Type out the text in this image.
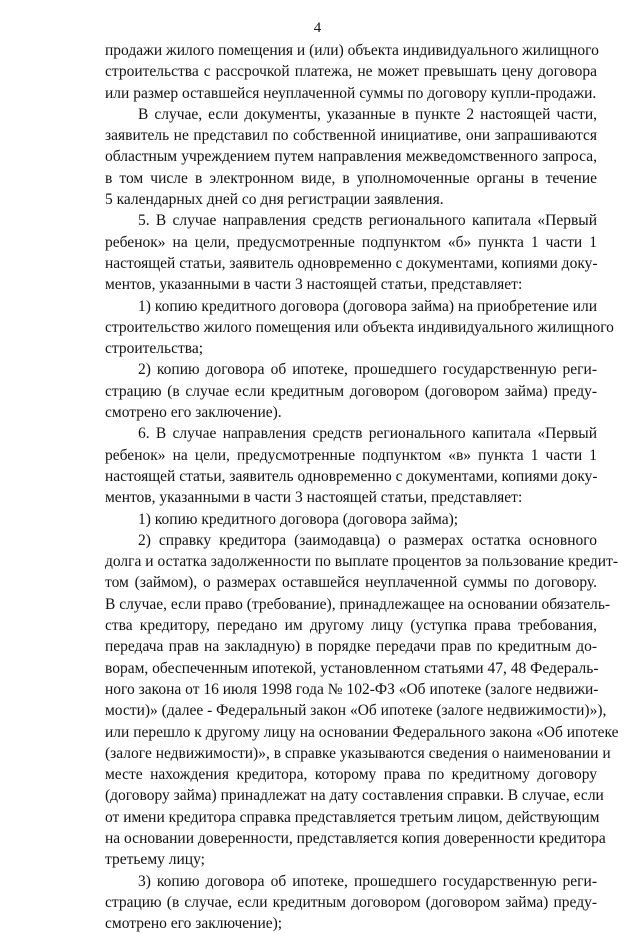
4
продажи жилого помещения и (или) объекта индивидуального жилищного
строительства с рассрочкой платежа, не может превышать цену договора
или размер оставшейся неуплаченной суммы по договору купли-продажи.
В случае, если документы, указанные в пункте 2 настоящей части,
заявитель не представил по собственной инициативе, они запрашиваются
областным учреждением путем направления межведомственного запроса,
в том числе в электронном виде, в уполномоченные органы в течение
5 календарных дней со дня регистрации заявления.
5. В случае направления средств регионального капитала «Первый
ребенок» на цели, предусмотренные подпунктом «б» пункта 1 части 1
настоящей статьи, заявитель одновременно с документами, копиями доку-
ментов, указанными в части 3 настоящей статьи, представляет:
1) копию кредитного договора (договора займа) на приобретение или
строительство жилого помещения или объекта индивидуального жилищного
строительства;
2) копию договора об ипотеке, прошедшего государственную реги-
страцию (в случае если кредитным договором (договором займа) преду-
смотрено его заключение).
6. В случае направления средств регионального капитала «Первый
ребенок» на цели, предусмотренные подпунктом «в» пункта 1 части 1
настоящей статьи, заявитель одновременно с документами, копиями доку-
ментов, указанными в части 3 настоящей статьи, представляет:
1) копию кредитного договора (договора займа);
2) справку кредитора (заимодавца) о размерах остатка основного
долга и остатка задолженности по выплате процентов за пользование кредит-
том (займом), о размерах оставшейся неуплаченной суммы по договору.
В случае, если право (требование), принадлежащее на основании обязатель-
ства кредитору, передано им другому лицу (уступка права требования,
передача прав на закладную) в порядке передачи прав по кредитным до-
ворам, обеспеченным ипотекой, установленном статьями 47, 48 Федераль-
ного закона от 16 июля 1998 года № 102-ФЗ «Об ипотеке (залоге недвижи-
мости)» (далее - Федеральный закон «Об ипотеке (залоге недвижимости)»),
или перешло к другому лицу на основании Федерального закона «Об ипотеке
(залоге недвижимости)», в справке указываются сведения о наименовании и
месте нахождения кредитора, которому права по кредитному договору
(договору займа) принадлежат на дату составления справки. В случае, если
от имени кредитора справка представляется третьим лицом, действующим
на основании доверенности, представляется копия доверенности кредитора
третьему лицу;
3) копию договора об ипотеке, прошедшего государственную реги-
страцию (в случае, если кредитным договором (договором займа) преду-
смотрено его заключение);
